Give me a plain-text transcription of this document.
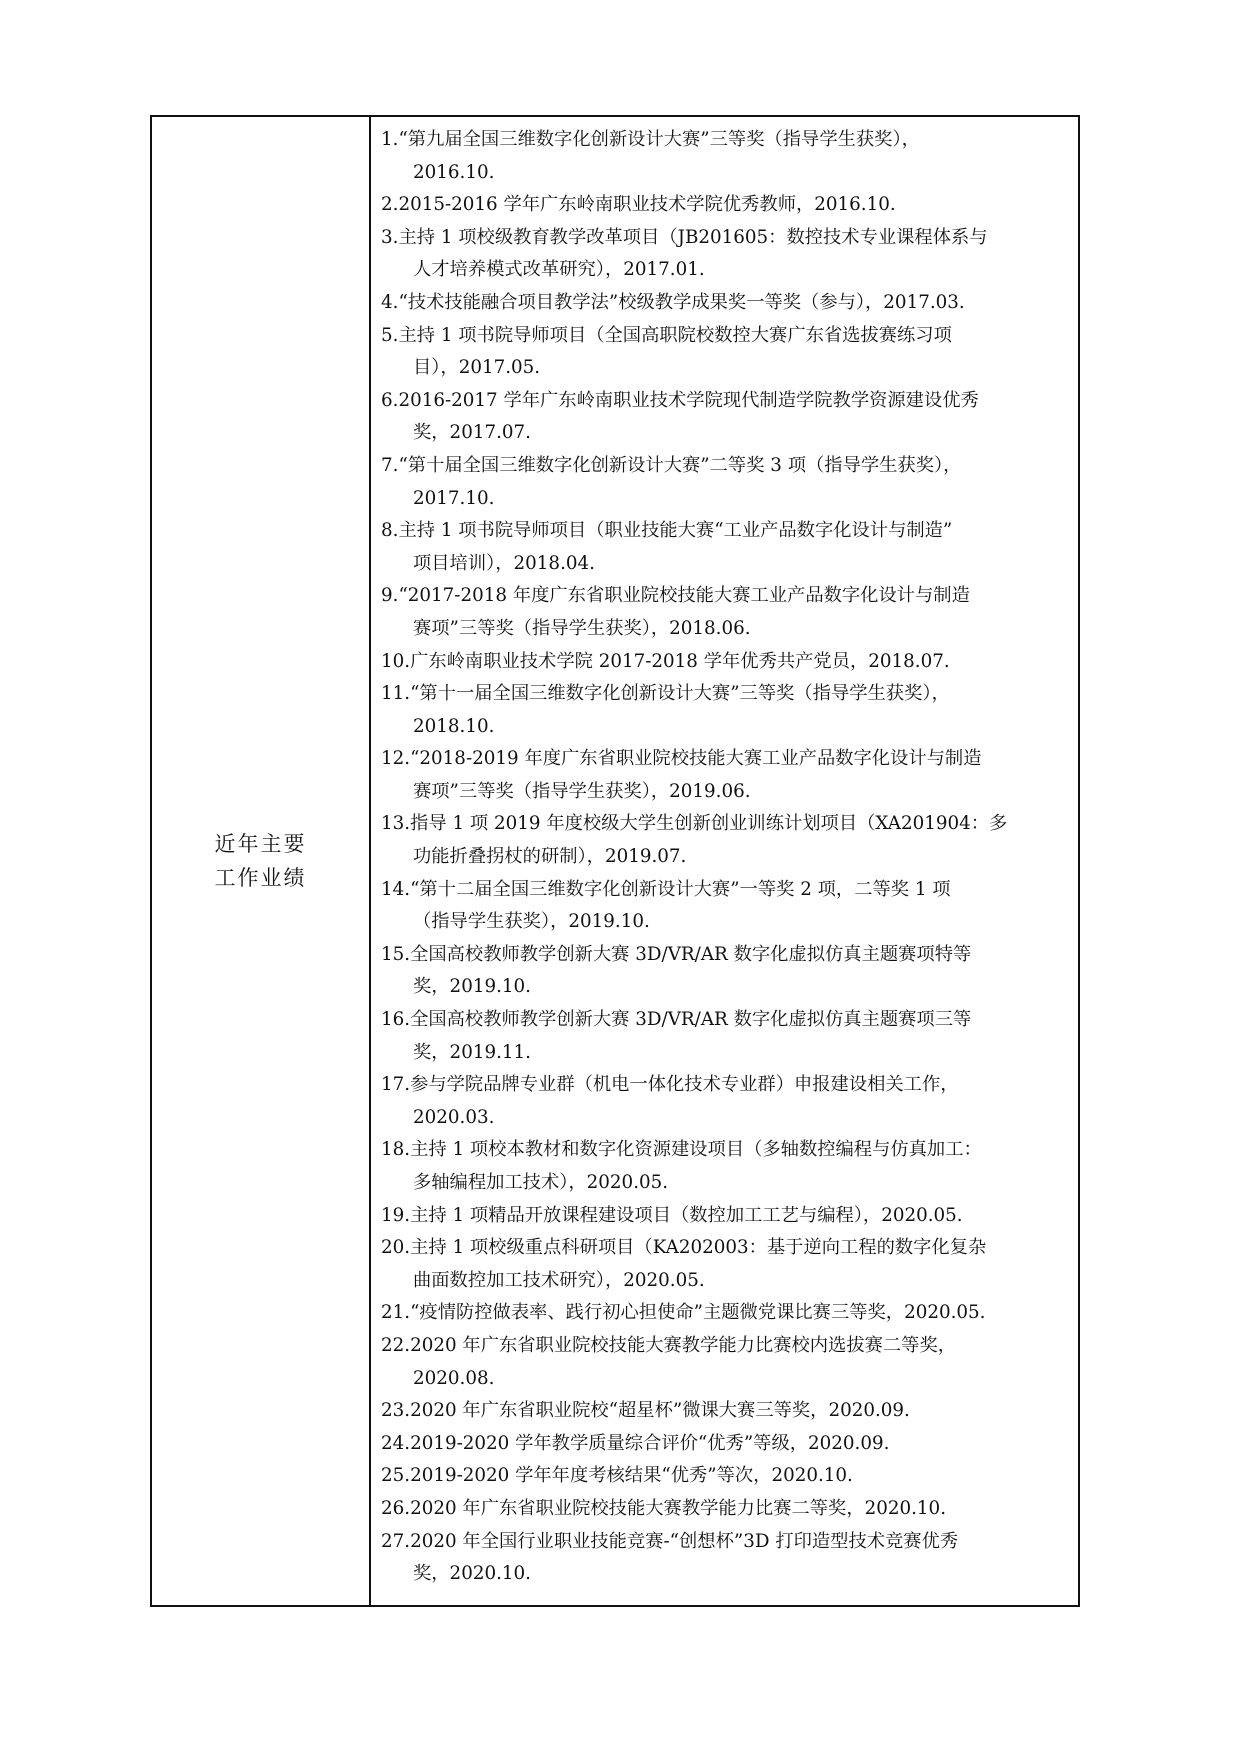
近年主要
工作业绩
1.“第九届全国三维数字化创新设计大赛”三等奖（指导学生获奖），
2016.10.
2.2015-2016 学年广东岭南职业技术学院优秀教师，2016.10.
3.主持 1 项校级教育教学改革项目（JB201605：数控技术专业课程体系与
人才培养模式改革研究），2017.01.
4.“技术技能融合项目教学法”校级教学成果奖一等奖（参与），2017.03.
5.主持 1 项书院导师项目（全国高职院校数控大赛广东省选拔赛练习项
目），2017.05.
6.2016-2017 学年广东岭南职业技术学院现代制造学院教学资源建设优秀
奖，2017.07.
7.“第十届全国三维数字化创新设计大赛”二等奖 3 项（指导学生获奖），
2017.10.
8.主持 1 项书院导师项目（职业技能大赛“工业产品数字化设计与制造”
项目培训），2018.04.
9.“2017-2018 年度广东省职业院校技能大赛工业产品数字化设计与制造
赛项”三等奖（指导学生获奖），2018.06.
10.广东岭南职业技术学院 2017-2018 学年优秀共产党员，2018.07.
11.“第十一届全国三维数字化创新设计大赛”三等奖（指导学生获奖），
2018.10.
12.“2018-2019 年度广东省职业院校技能大赛工业产品数字化设计与制造
赛项”三等奖（指导学生获奖），2019.06.
13.指导 1 项 2019 年度校级大学生创新创业训练计划项目（XA201904：多
功能折叠拐杖的研制），2019.07.
14.“第十二届全国三维数字化创新设计大赛”一等奖 2 项，二等奖 1 项
（指导学生获奖），2019.10.
15.全国高校教师教学创新大赛 3D/VR/AR 数字化虚拟仿真主题赛项特等
奖，2019.10.
16.全国高校教师教学创新大赛 3D/VR/AR 数字化虚拟仿真主题赛项三等
奖，2019.11.
17.参与学院品牌专业群（机电一体化技术专业群）申报建设相关工作，
2020.03.
18.主持 1 项校本教材和数字化资源建设项目（多轴数控编程与仿真加工：
多轴编程加工技术），2020.05.
19.主持 1 项精品开放课程建设项目（数控加工工艺与编程），2020.05.
20.主持 1 项校级重点科研项目（KA202003：基于逆向工程的数字化复杂
曲面数控加工技术研究），2020.05.
21.“疫情防控做表率、践行初心担使命”主题微党课比赛三等奖，2020.05.
22.2020 年广东省职业院校技能大赛教学能力比赛校内选拔赛二等奖，
2020.08.
23.2020 年广东省职业院校“超星杯”微课大赛三等奖，2020.09.
24.2019-2020 学年教学质量综合评价“优秀”等级，2020.09.
25.2019-2020 学年年度考核结果“优秀”等次，2020.10.
26.2020 年广东省职业院校技能大赛教学能力比赛二等奖，2020.10.
27.2020 年全国行业职业技能竞赛-“创想杯”3D 打印造型技术竞赛优秀
奖，2020.10.
